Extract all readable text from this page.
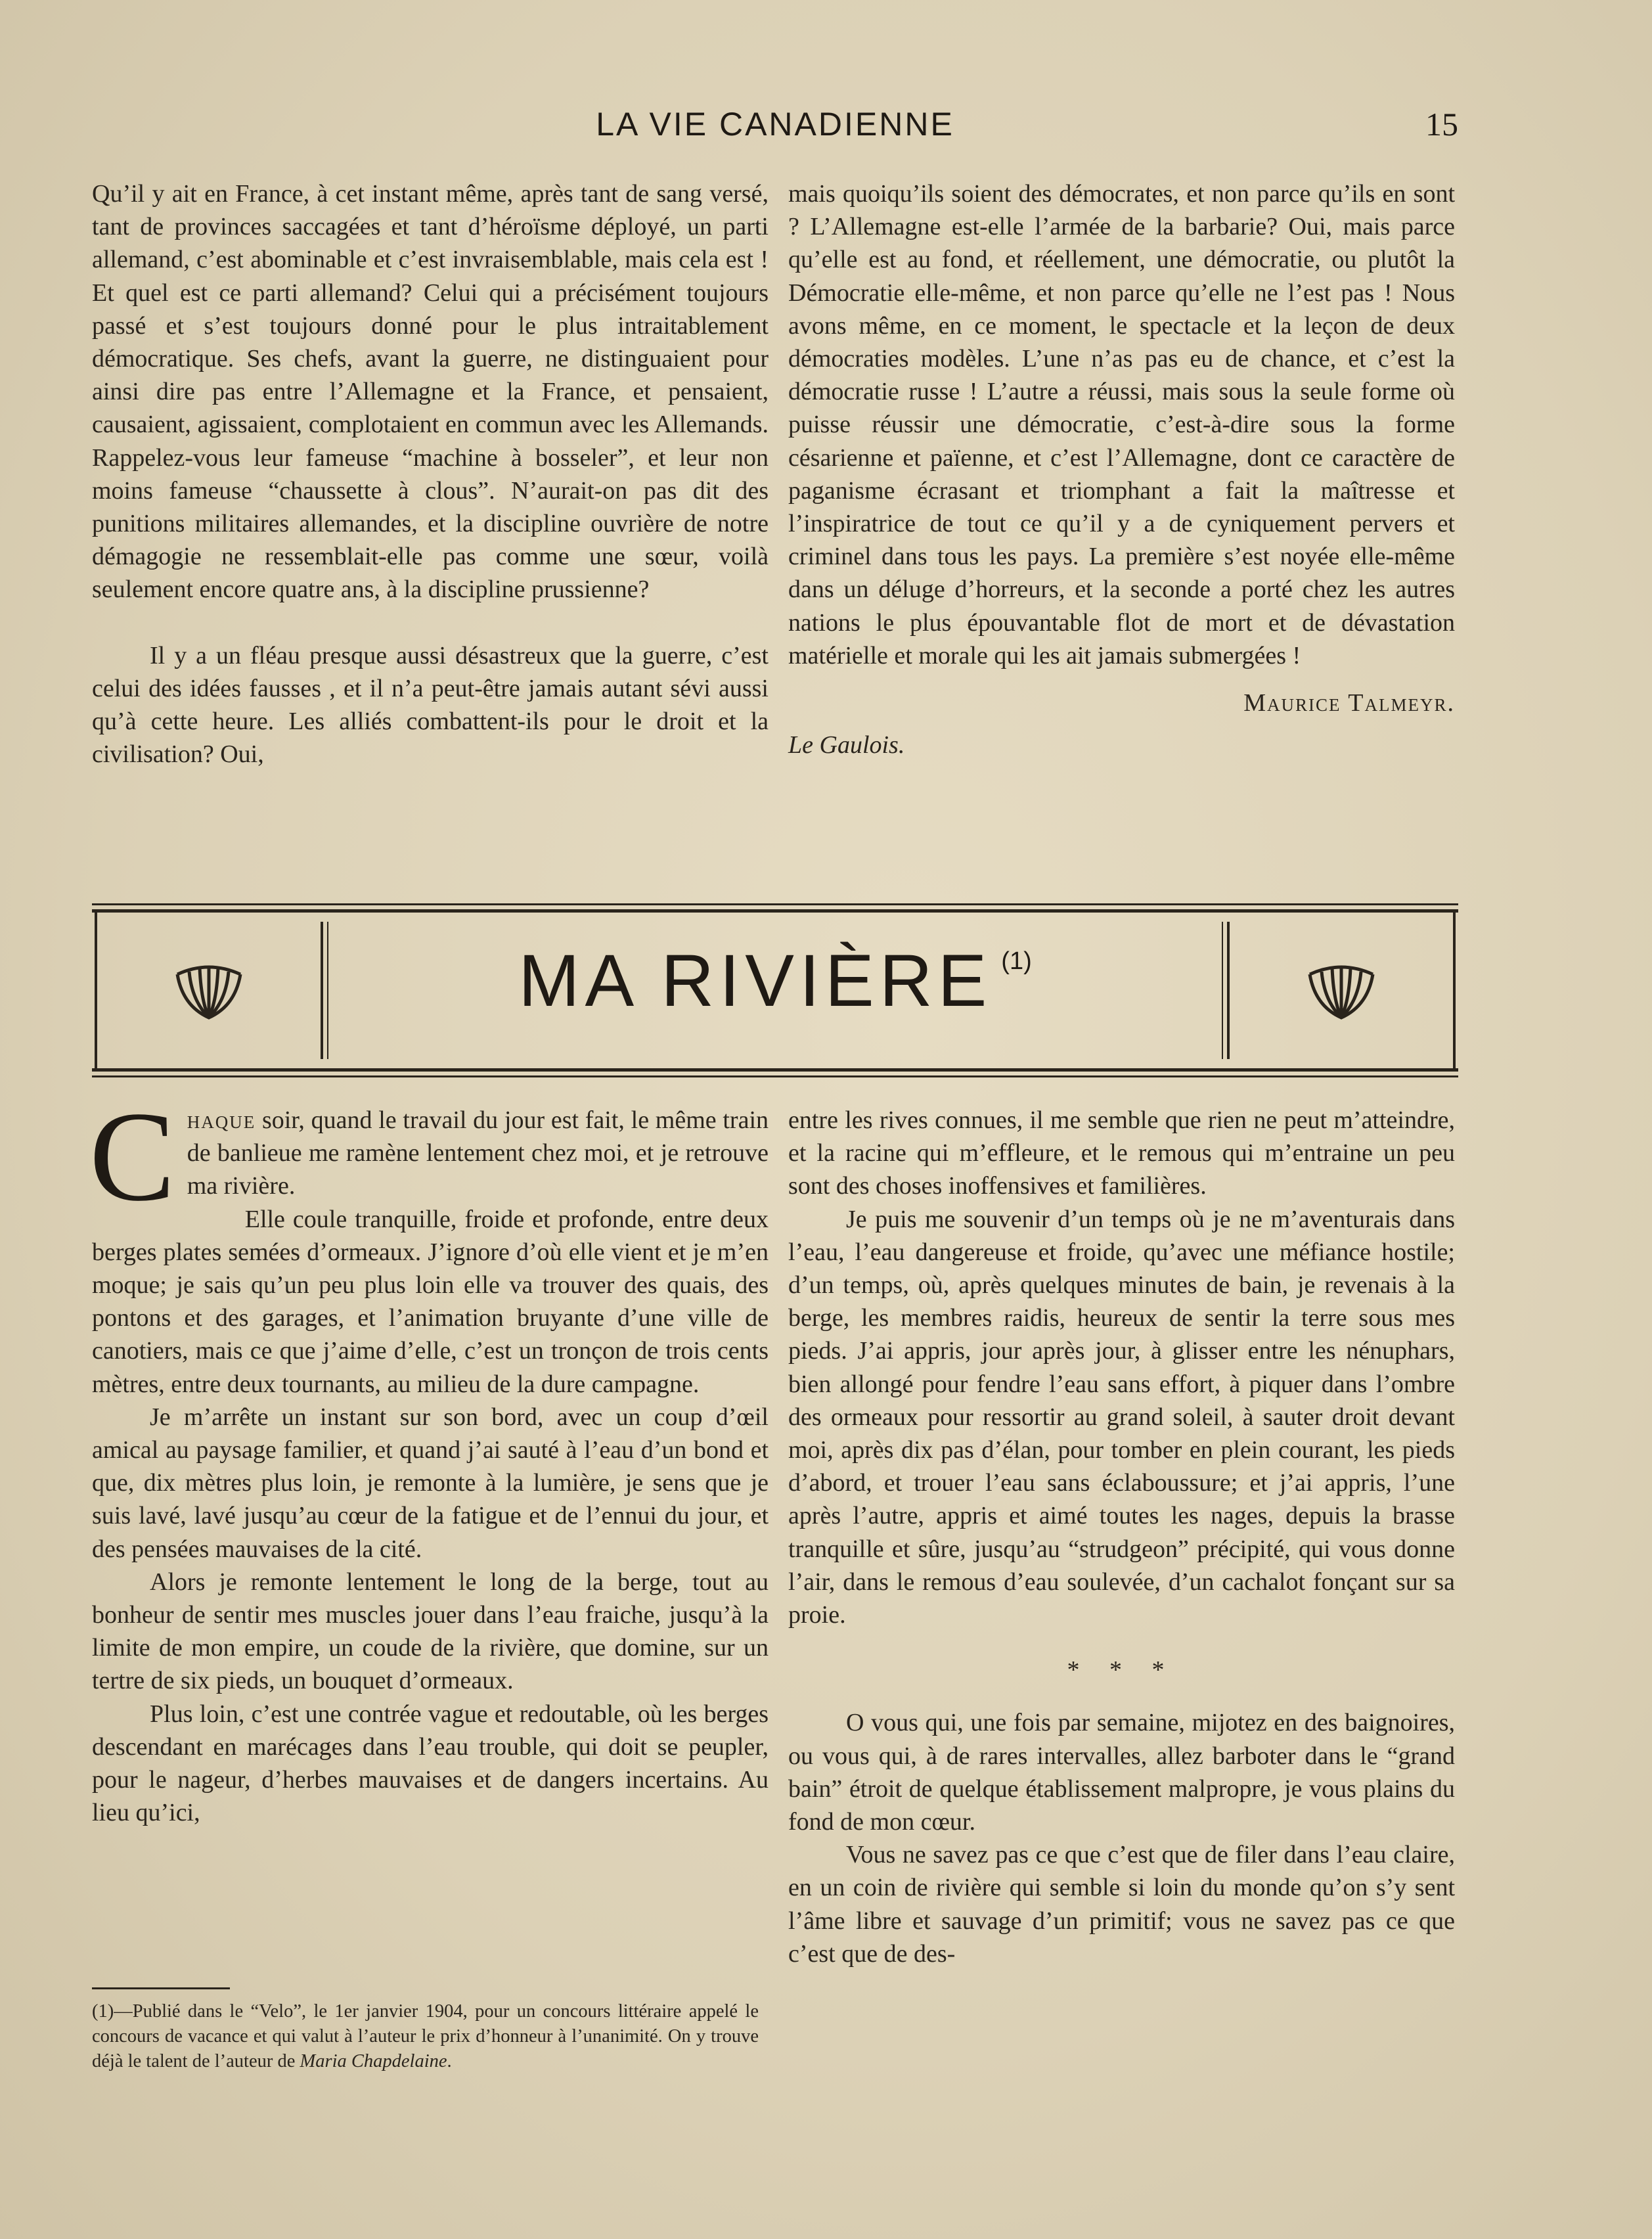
LA VIE CANADIENNE	15

Qu’il y ait en France, à cet instant même, après tant de sang versé, tant de provinces saccagées et tant d’héroïsme déployé, un parti allemand, c’est abominable et c’est invraisemblable, mais cela est ! Et quel est ce parti allemand? Celui qui a précisément toujours passé et s’est toujours donné pour le plus intraitablement démocratique. Ses chefs, avant la guerre, ne distinguaient pour ainsi dire pas entre l’Allemagne et la France, et pensaient, causaient, agissaient, complotaient en commun avec les Allemands. Rappelez-vous leur fameuse “machine à bosseler”, et leur non moins fameuse “chaussette à clous”. N’aurait-on pas dit des punitions militaires allemandes, et la discipline ouvrière de notre démagogie ne ressemblait-elle pas comme une sœur, voilà seulement encore quatre ans, à la discipline prussienne?

Il y a un fléau presque aussi désastreux que la guerre, c’est celui des idées fausses , et il n’a peut-être jamais autant sévi aussi qu’à cette heure. Les alliés combattent-ils pour le droit et la civilisation? Oui,

mais quoiqu’ils soient des démocrates, et non parce qu’ils en sont ? L’Allemagne est-elle l’armée de la barbarie? Oui, mais parce qu’elle est au fond, et réellement, une démocratie, ou plutôt la Démocratie elle-même, et non parce qu’elle ne l’est pas ! Nous avons même, en ce moment, le spectacle et la leçon de deux démocraties modèles. L’une n’as pas eu de chance, et c’est la démocratie russe ! L’autre a réussi, mais sous la seule forme où puisse réussir une démocratie, c’est-à-dire sous la forme césarienne et païenne, et c’est l’Allemagne, dont ce caractère de paganisme écrasant et triomphant a fait la maîtresse et l’inspiratrice de tout ce qu’il y a de cyniquement pervers et criminel dans tous les pays. La première s’est noyée elle-même dans un déluge d’horreurs, et la seconde a porté chez les autres nations le plus épouvantable flot de mort et de dévastation matérielle et morale qui les ait jamais submergées !

Maurice Talmeyr.

Le Gaulois.

MA RIVIÈRE $^{(1)}$

Chaque soir, quand le travail du jour est fait, le même train de banlieue me ramène lentement chez moi, et je retrouve ma rivière.

Elle coule tranquille, froide et profonde, entre deux berges plates semées d’ormeaux. J’ignore d’où elle vient et je m’en moque; je sais qu’un peu plus loin elle va trouver des quais, des pontons et des garages, et l’animation bruyante d’une ville de canotiers, mais ce que j’aime d’elle, c’est un tronçon de trois cents mètres, entre deux tournants, au milieu de la dure campagne.

Je m’arrête un instant sur son bord, avec un coup d’œil amical au paysage familier, et quand j’ai sauté à l’eau d’un bond et que, dix mètres plus loin, je remonte à la lumière, je sens que je suis lavé, lavé jusqu’au cœur de la fatigue et de l’ennui du jour, et des pensées mauvaises de la cité.

Alors je remonte lentement le long de la berge, tout au bonheur de sentir mes muscles jouer dans l’eau fraiche, jusqu’à la limite de mon empire, un coude de la rivière, que domine, sur un tertre de six pieds, un bouquet d’ormeaux.

Plus loin, c’est une contrée vague et redoutable, où les berges descendant en marécages dans l’eau trouble, qui doit se peupler, pour le nageur, d’herbes mauvaises et de dangers incertains. Au lieu qu’ici,

entre les rives connues, il me semble que rien ne peut m’atteindre, et la racine qui m’effleure, et le remous qui m’entraine un peu sont des choses inoffensives et familières.

Je puis me souvenir d’un temps où je ne m’aventurais dans l’eau, l’eau dangereuse et froide, qu’avec une méfiance hostile; d’un temps, où, après quelques minutes de bain, je revenais à la berge, les membres raidis, heureux de sentir la terre sous mes pieds. J’ai appris, jour après jour, à glisser entre les nénuphars, bien allongé pour fendre l’eau sans effort, à piquer dans l’ombre des ormeaux pour ressortir au grand soleil, à sauter droit devant moi, après dix pas d’élan, pour tomber en plein courant, les pieds d’abord, et trouer l’eau sans éclaboussure; et j’ai appris, l’une après l’autre, appris et aimé toutes les nages, depuis la brasse tranquille et sûre, jusqu’au “strudgeon” précipité, qui vous donne l’air, dans le remous d’eau soulevée, d’un cachalot fonçant sur sa proie.

* * *

O vous qui, une fois par semaine, mijotez en des baignoires, ou vous qui, à de rares intervalles, allez barboter dans le “grand bain” étroit de quelque établissement malpropre, je vous plains du fond de mon cœur.

Vous ne savez pas ce que c’est que de filer dans l’eau claire, en un coin de rivière qui semble si loin du monde qu’on s’y sent l’âme libre et sauvage d’un primitif; vous ne savez pas ce que c’est que de des-

(1)—Publié dans le “Velo”, le 1er janvier 1904, pour un concours littéraire appelé le concours de vacance et qui valut à l’auteur le prix d’honneur à l’unanimité. On y trouve déjà le talent de l’auteur de Maria Chapdelaine.
